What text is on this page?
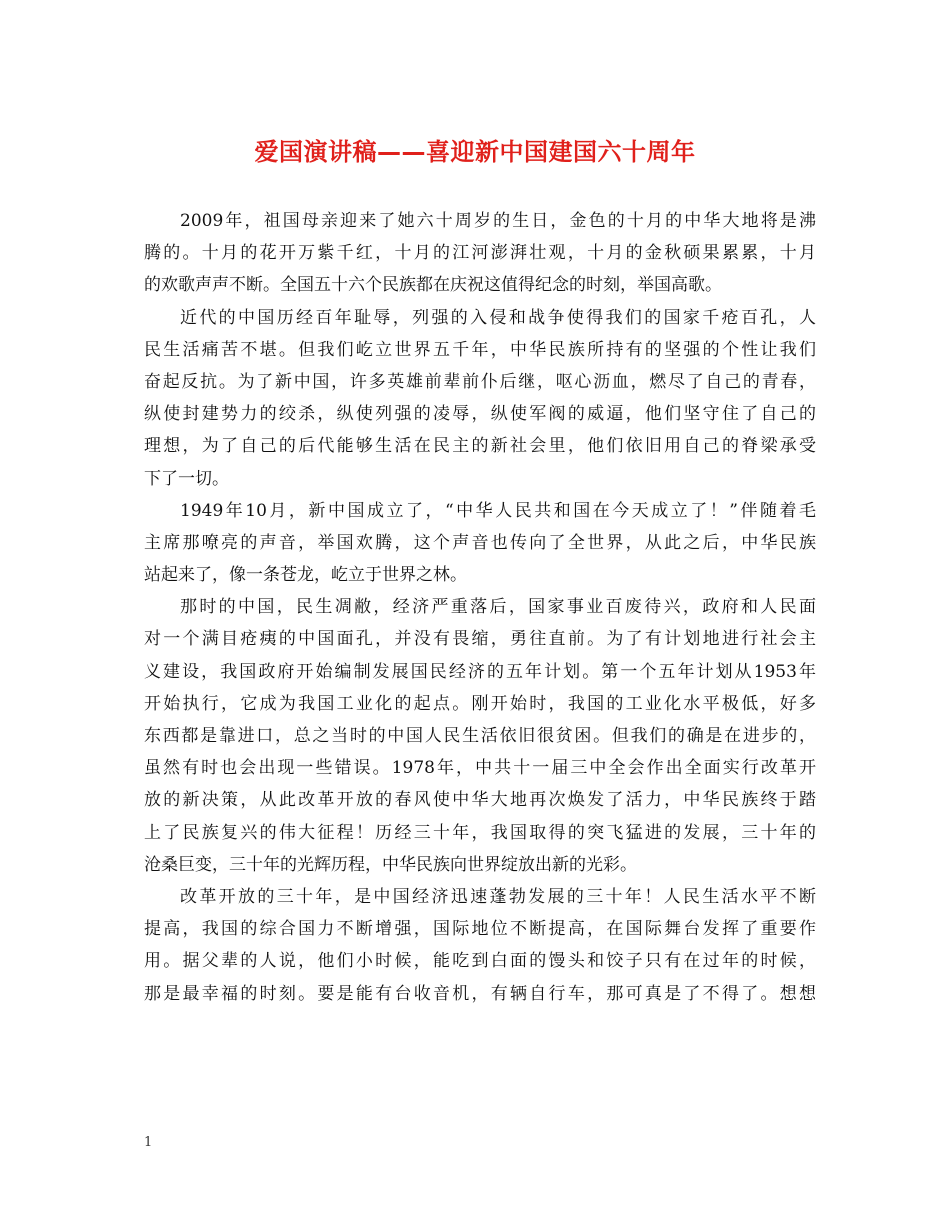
爱国演讲稿——喜迎新中国建国六十周年
2009年，祖国母亲迎来了她六十周岁的生日，金色的十月的中华大地将是沸
腾的。十月的花开万紫千红，十月的江河澎湃壮观，十月的金秋硕果累累，十月
的欢歌声声不断。全国五十六个民族都在庆祝这值得纪念的时刻，举国高歌。
近代的中国历经百年耻辱，列强的入侵和战争使得我们的国家千疮百孔，人
民生活痛苦不堪。但我们屹立世界五千年，中华民族所持有的坚强的个性让我们
奋起反抗。为了新中国，许多英雄前辈前仆后继，呕心沥血，燃尽了自己的青春，
纵使封建势力的绞杀，纵使列强的凌辱，纵使军阀的威逼，他们坚守住了自己的
理想，为了自己的后代能够生活在民主的新社会里，他们依旧用自己的脊梁承受
下了一切。
1949年10月，新中国成立了，“中华人民共和国在今天成立了！”伴随着毛
主席那嘹亮的声音，举国欢腾，这个声音也传向了全世界，从此之后，中华民族
站起来了，像一条苍龙，屹立于世界之林。
那时的中国，民生凋敝，经济严重落后，国家事业百废待兴，政府和人民面
对一个满目疮痍的中国面孔，并没有畏缩，勇往直前。为了有计划地进行社会主
义建设，我国政府开始编制发展国民经济的五年计划。第一个五年计划从1953年
开始执行，它成为我国工业化的起点。刚开始时，我国的工业化水平极低，好多
东西都是靠进口，总之当时的中国人民生活依旧很贫困。但我们的确是在进步的，
虽然有时也会出现一些错误。1978年，中共十一届三中全会作出全面实行改革开
放的新决策，从此改革开放的春风使中华大地再次焕发了活力，中华民族终于踏
上了民族复兴的伟大征程！历经三十年，我国取得的突飞猛进的发展，三十年的
沧桑巨变，三十年的光辉历程，中华民族向世界绽放出新的光彩。
改革开放的三十年，是中国经济迅速蓬勃发展的三十年！人民生活水平不断
提高，我国的综合国力不断增强，国际地位不断提高，在国际舞台发挥了重要作
用。据父辈的人说，他们小时候，能吃到白面的馒头和饺子只有在过年的时候，
那是最幸福的时刻。要是能有台收音机，有辆自行车，那可真是了不得了。想想
1
